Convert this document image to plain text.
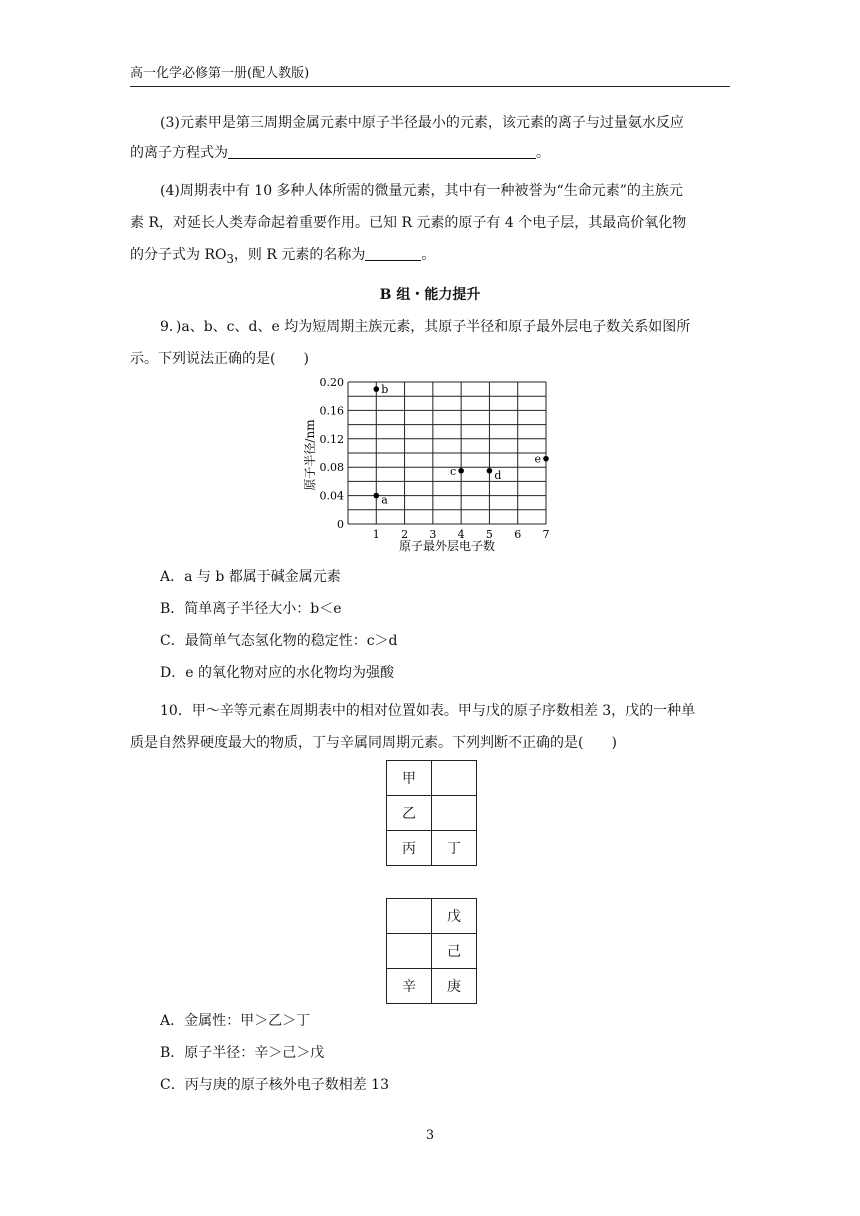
高一化学必修第一册(配人教版)
(3)元素甲是第三周期金属元素中原子半径最小的元素，该元素的离子与过量氨水反应
的离子方程式为	。
(4)周期表中有 10 多种人体所需的微量元素，其中有一种被誉为“生命元素”的主族元
素 R，对延长人类寿命起着重要作用。已知 R 元素的原子有 4 个电子层，其最高价氧化物
的分子式为 $RO_3$，则 R 元素的名称为	。
B 组・能力提升
9．)a、b、c、d、e 均为短周期主族元素，其原子半径和原子最外层电子数关系如图所
示。下列说法正确的是(　　)
1 2 3 4 5 6 7
0
0.04
0.08
0.12
0.16
0.20
a
b
c	d
e
原子最外层电子数
原子半径/nm
A．a 与 b 都属于碱金属元素
B．简单离子半径大小：b＜e
C．最简单气态氢化物的稳定性：c＞d
D．e 的氧化物对应的水化物均为强酸
10．甲～辛等元素在周期表中的相对位置如表。甲与戊的原子序数相差 3，戊的一种单
质是自然界硬度最大的物质，丁与辛属同周期元素。下列判断不正确的是(　　)
甲	
乙	
丙	丁
	戊
	己
辛	庚
A．金属性：甲＞乙＞丁
B．原子半径：辛＞己＞戊
C．丙与庚的原子核外电子数相差 13
3
